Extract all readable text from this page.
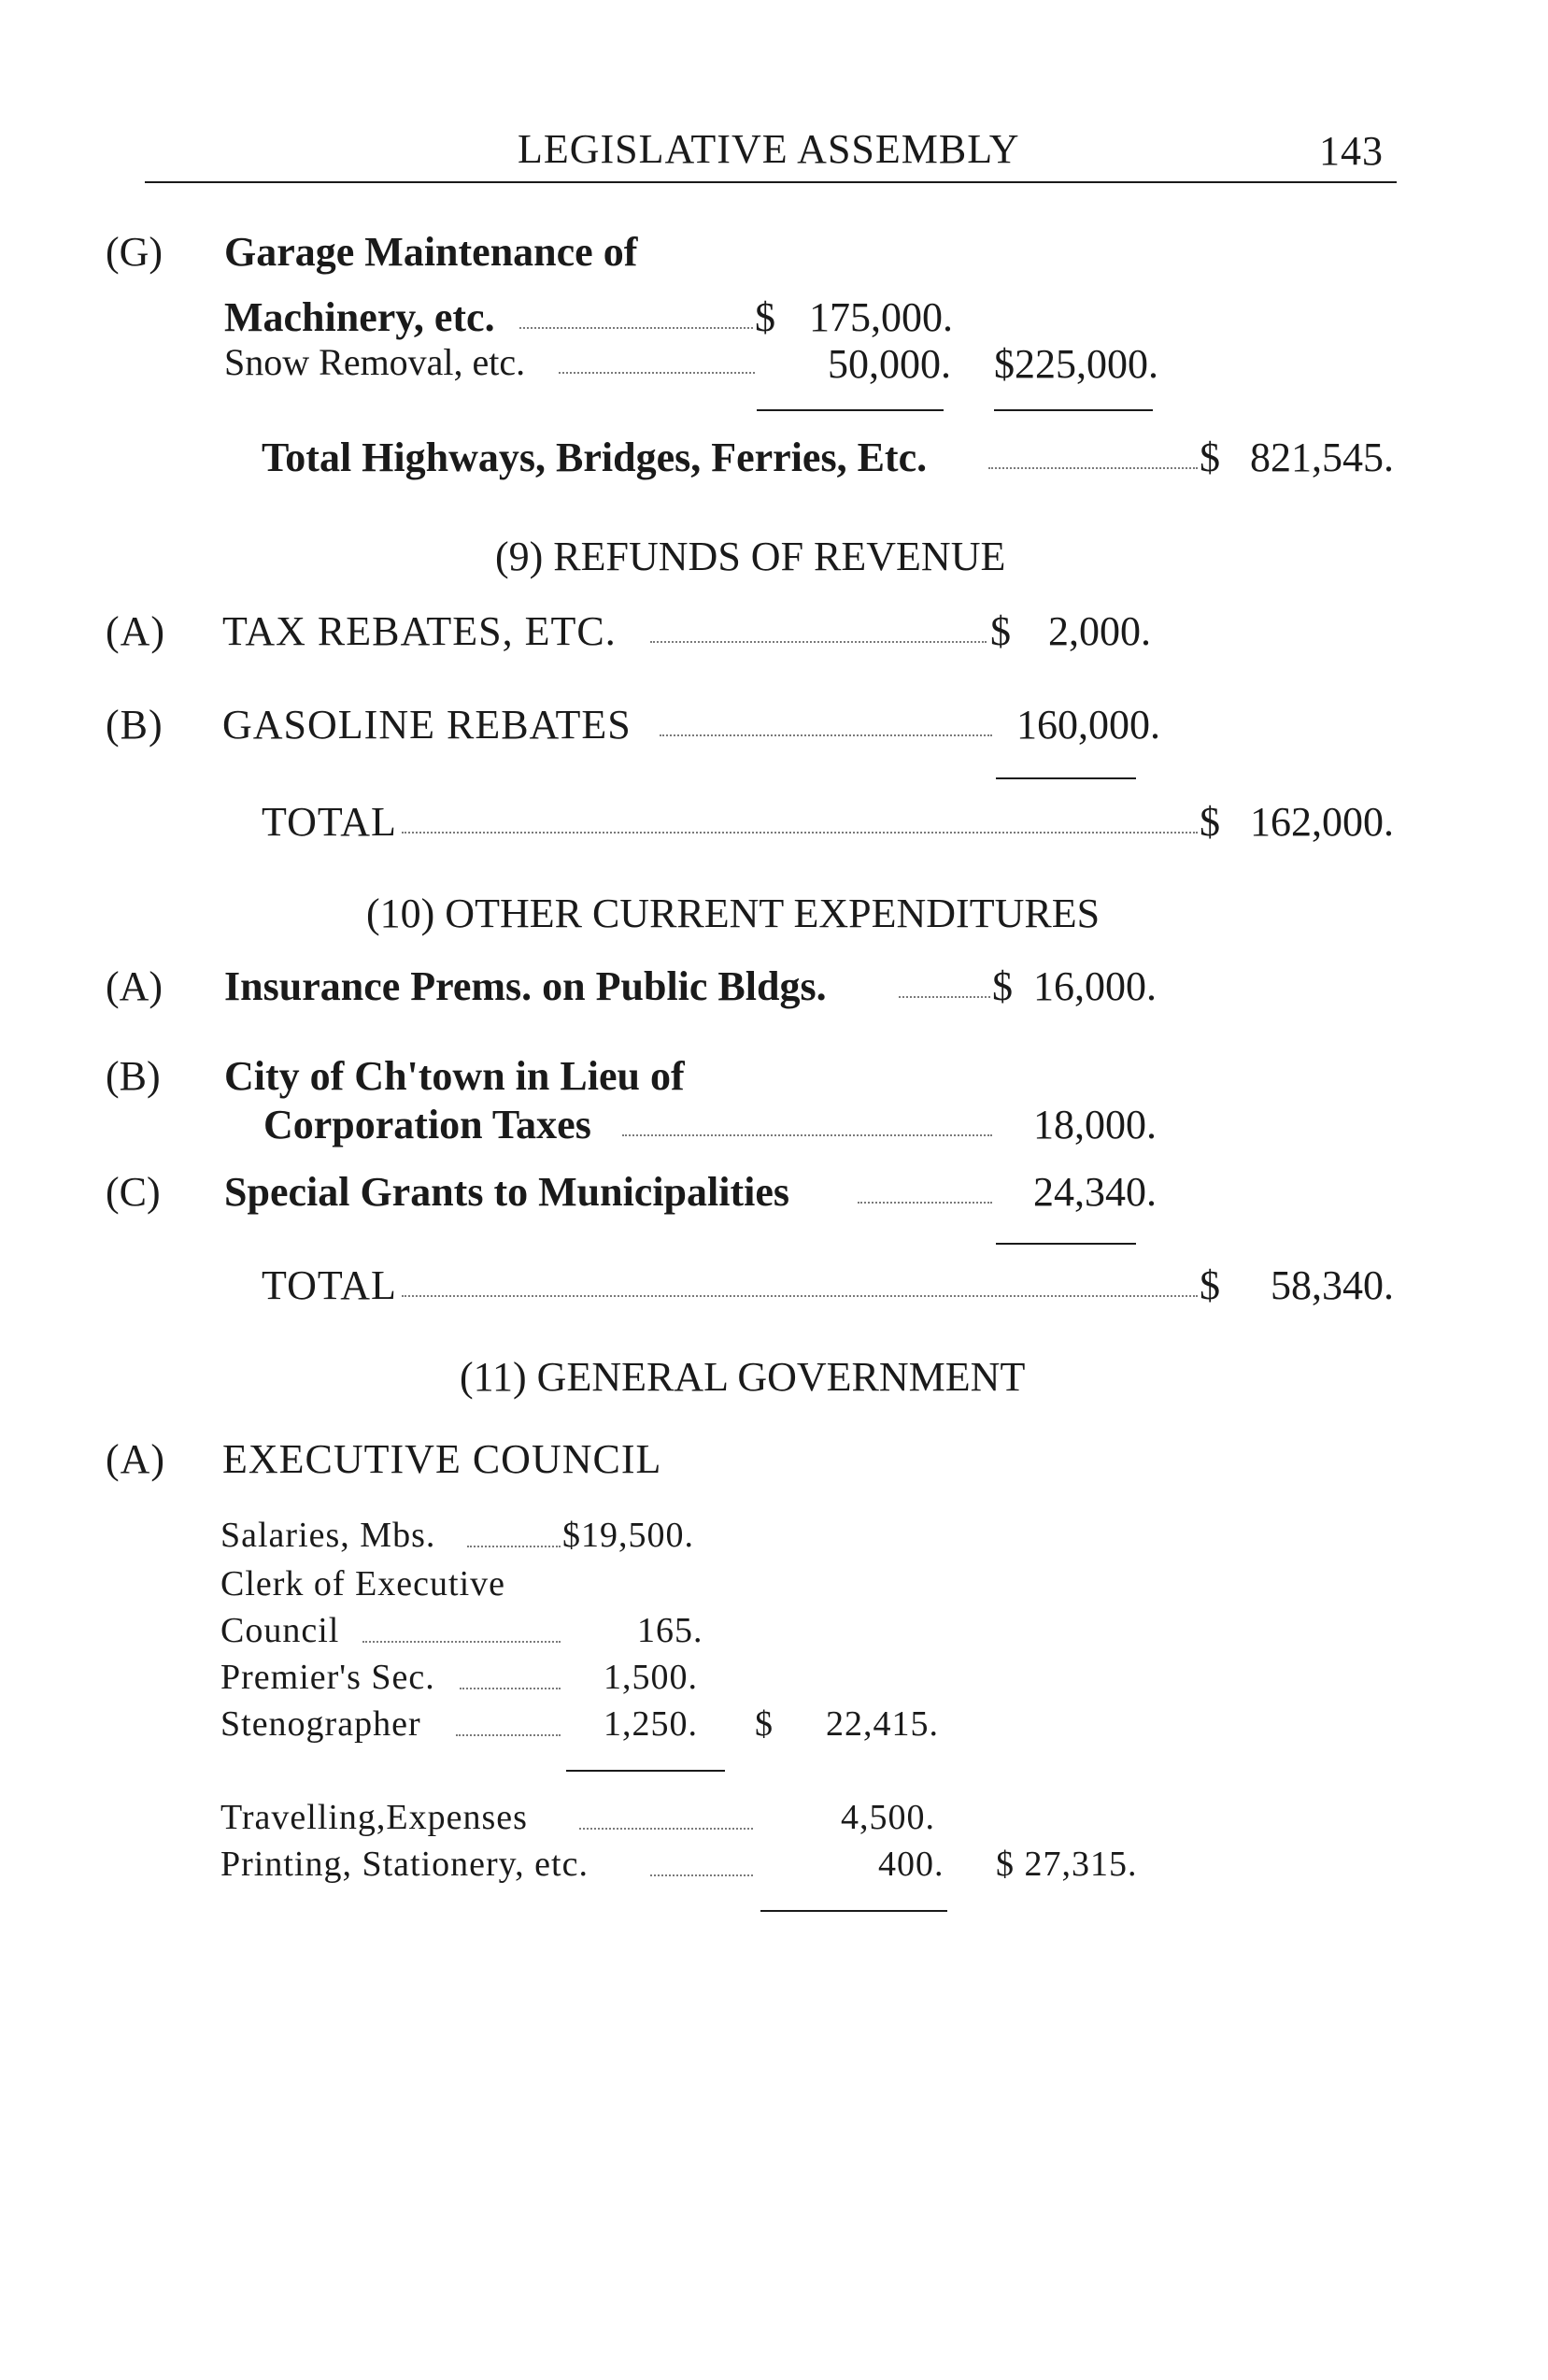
LEGISLATIVE ASSEMBLY	143
(G) Garage Maintenance of
Machinery, etc.	$ 175,000.
Snow Removal, etc.	50,000. $225,000.
Total Highways, Bridges, Ferries, Etc.	$ 821,545.
(9) REFUNDS OF REVENUE
(A) TAX REBATES, ETC.	$ 2,000.
(B) GASOLINE REBATES	160,000.
TOTAL	$ 162,000.
(10) OTHER CURRENT EXPENDITURES
(A) Insurance Prems. on Public Bldgs.	$ 16,000.
(B) City of Ch'town in Lieu of
Corporation Taxes	18,000.
(C) Special Grants to Municipalities	24,340.
TOTAL	$ 58,340.
(11) GENERAL GOVERNMENT
(A) EXECUTIVE COUNCIL
Salaries, Mbs.	$19,500.
Clerk of Executive
Council	165.
Premier's Sec.	1,500.
Stenographer	1,250. $ 22,415.
Travelling,Expenses	4,500.
Printing, Stationery, etc.	400. $ 27,315.
